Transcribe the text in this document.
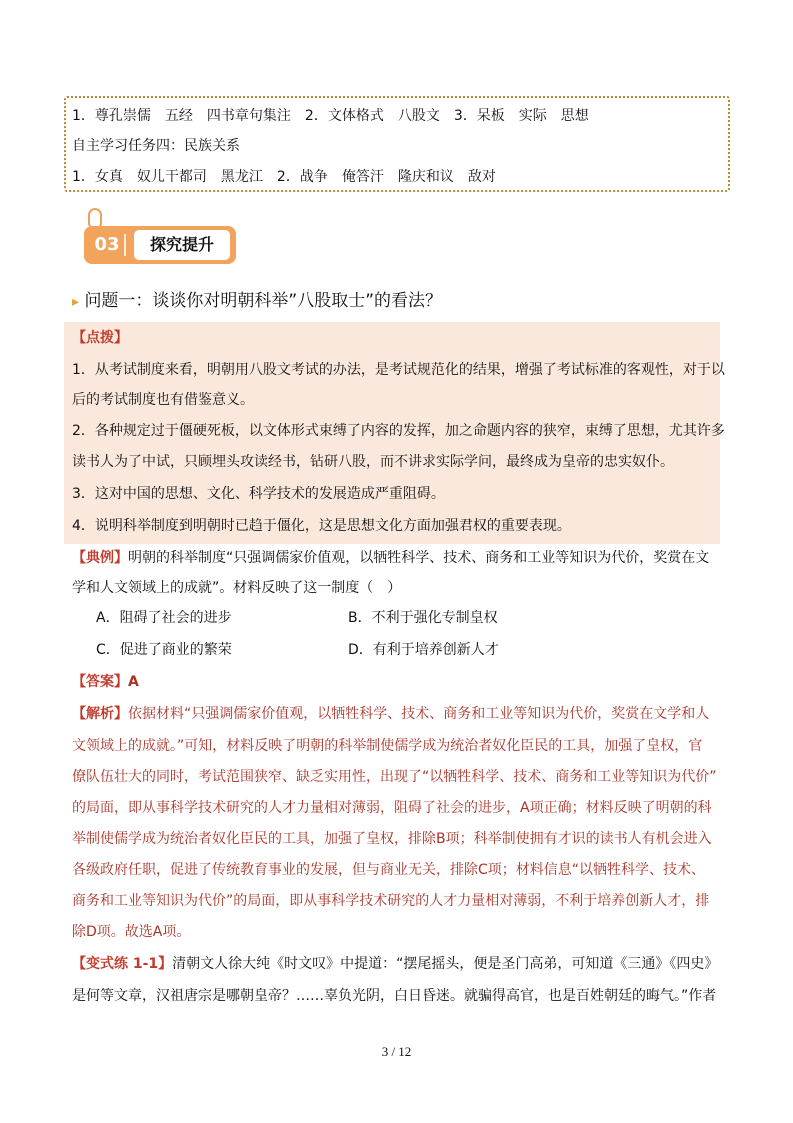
1．尊孔崇儒　五经　四书章句集注　2．文体格式　八股文　3．呆板　实际　思想
自主学习任务四：民族关系
1．女真　奴儿干都司　黑龙江　2．战争　俺答汗　隆庆和议　敌对
03	探究提升
▸ 问题一：谈谈你对明朝科举”八股取士”的看法？
【点拨】
1．从考试制度来看，明朝用八股文考试的办法，是考试规范化的结果，增强了考试标准的客观性，对于以
后的考试制度也有借鉴意义。
2．各种规定过于僵硬死板，以文体形式束缚了内容的发挥，加之命题内容的狭窄，束缚了思想，尤其许多
读书人为了中试，只顾埋头攻读经书，钻研八股，而不讲求实际学问，最终成为皇帝的忠实奴仆。
3．这对中国的思想、文化、科学技术的发展造成严重阻碍。
4．说明科举制度到明朝时已趋于僵化，这是思想文化方面加强君权的重要表现。
【典例】明朝的科举制度“只强调儒家价值观，以牺牲科学、技术、商务和工业等知识为代价，奖赏在文
学和人文领域上的成就”。材料反映了这一制度（　）
A．阻碍了社会的进步	B．不利于强化专制皇权
C．促进了商业的繁荣	D．有利于培养创新人才
【答案】A
【解析】依据材料“只强调儒家价值观，以牺牲科学、技术、商务和工业等知识为代价，奖赏在文学和人
文领域上的成就。”可知，材料反映了明朝的科举制使儒学成为统治者奴化臣民的工具，加强了皇权，官
僚队伍壮大的同时，考试范围狭窄、缺乏实用性，出现了“以牺牲科学、技术、商务和工业等知识为代价”
的局面，即从事科学技术研究的人才力量相对薄弱，阻碍了社会的进步，A项正确；材料反映了明朝的科
举制使儒学成为统治者奴化臣民的工具，加强了皇权，排除B项；科举制使拥有才识的读书人有机会进入
各级政府任职，促进了传统教育事业的发展，但与商业无关，排除C项；材料信息“以牺牲科学、技术、
商务和工业等知识为代价”的局面，即从事科学技术研究的人才力量相对薄弱，不利于培养创新人才，排
除D项。故选A项。
【变式练 1-1】清朝文人徐大纯《时文叹》中提道：“摆尾摇头，便是圣门高弟，可知道《三通》《四史》
是何等文章，汉祖唐宗是哪朝皇帝？……辜负光阴，白日昏迷。就骗得高官，也是百姓朝廷的晦气。”作者
3 / 12
